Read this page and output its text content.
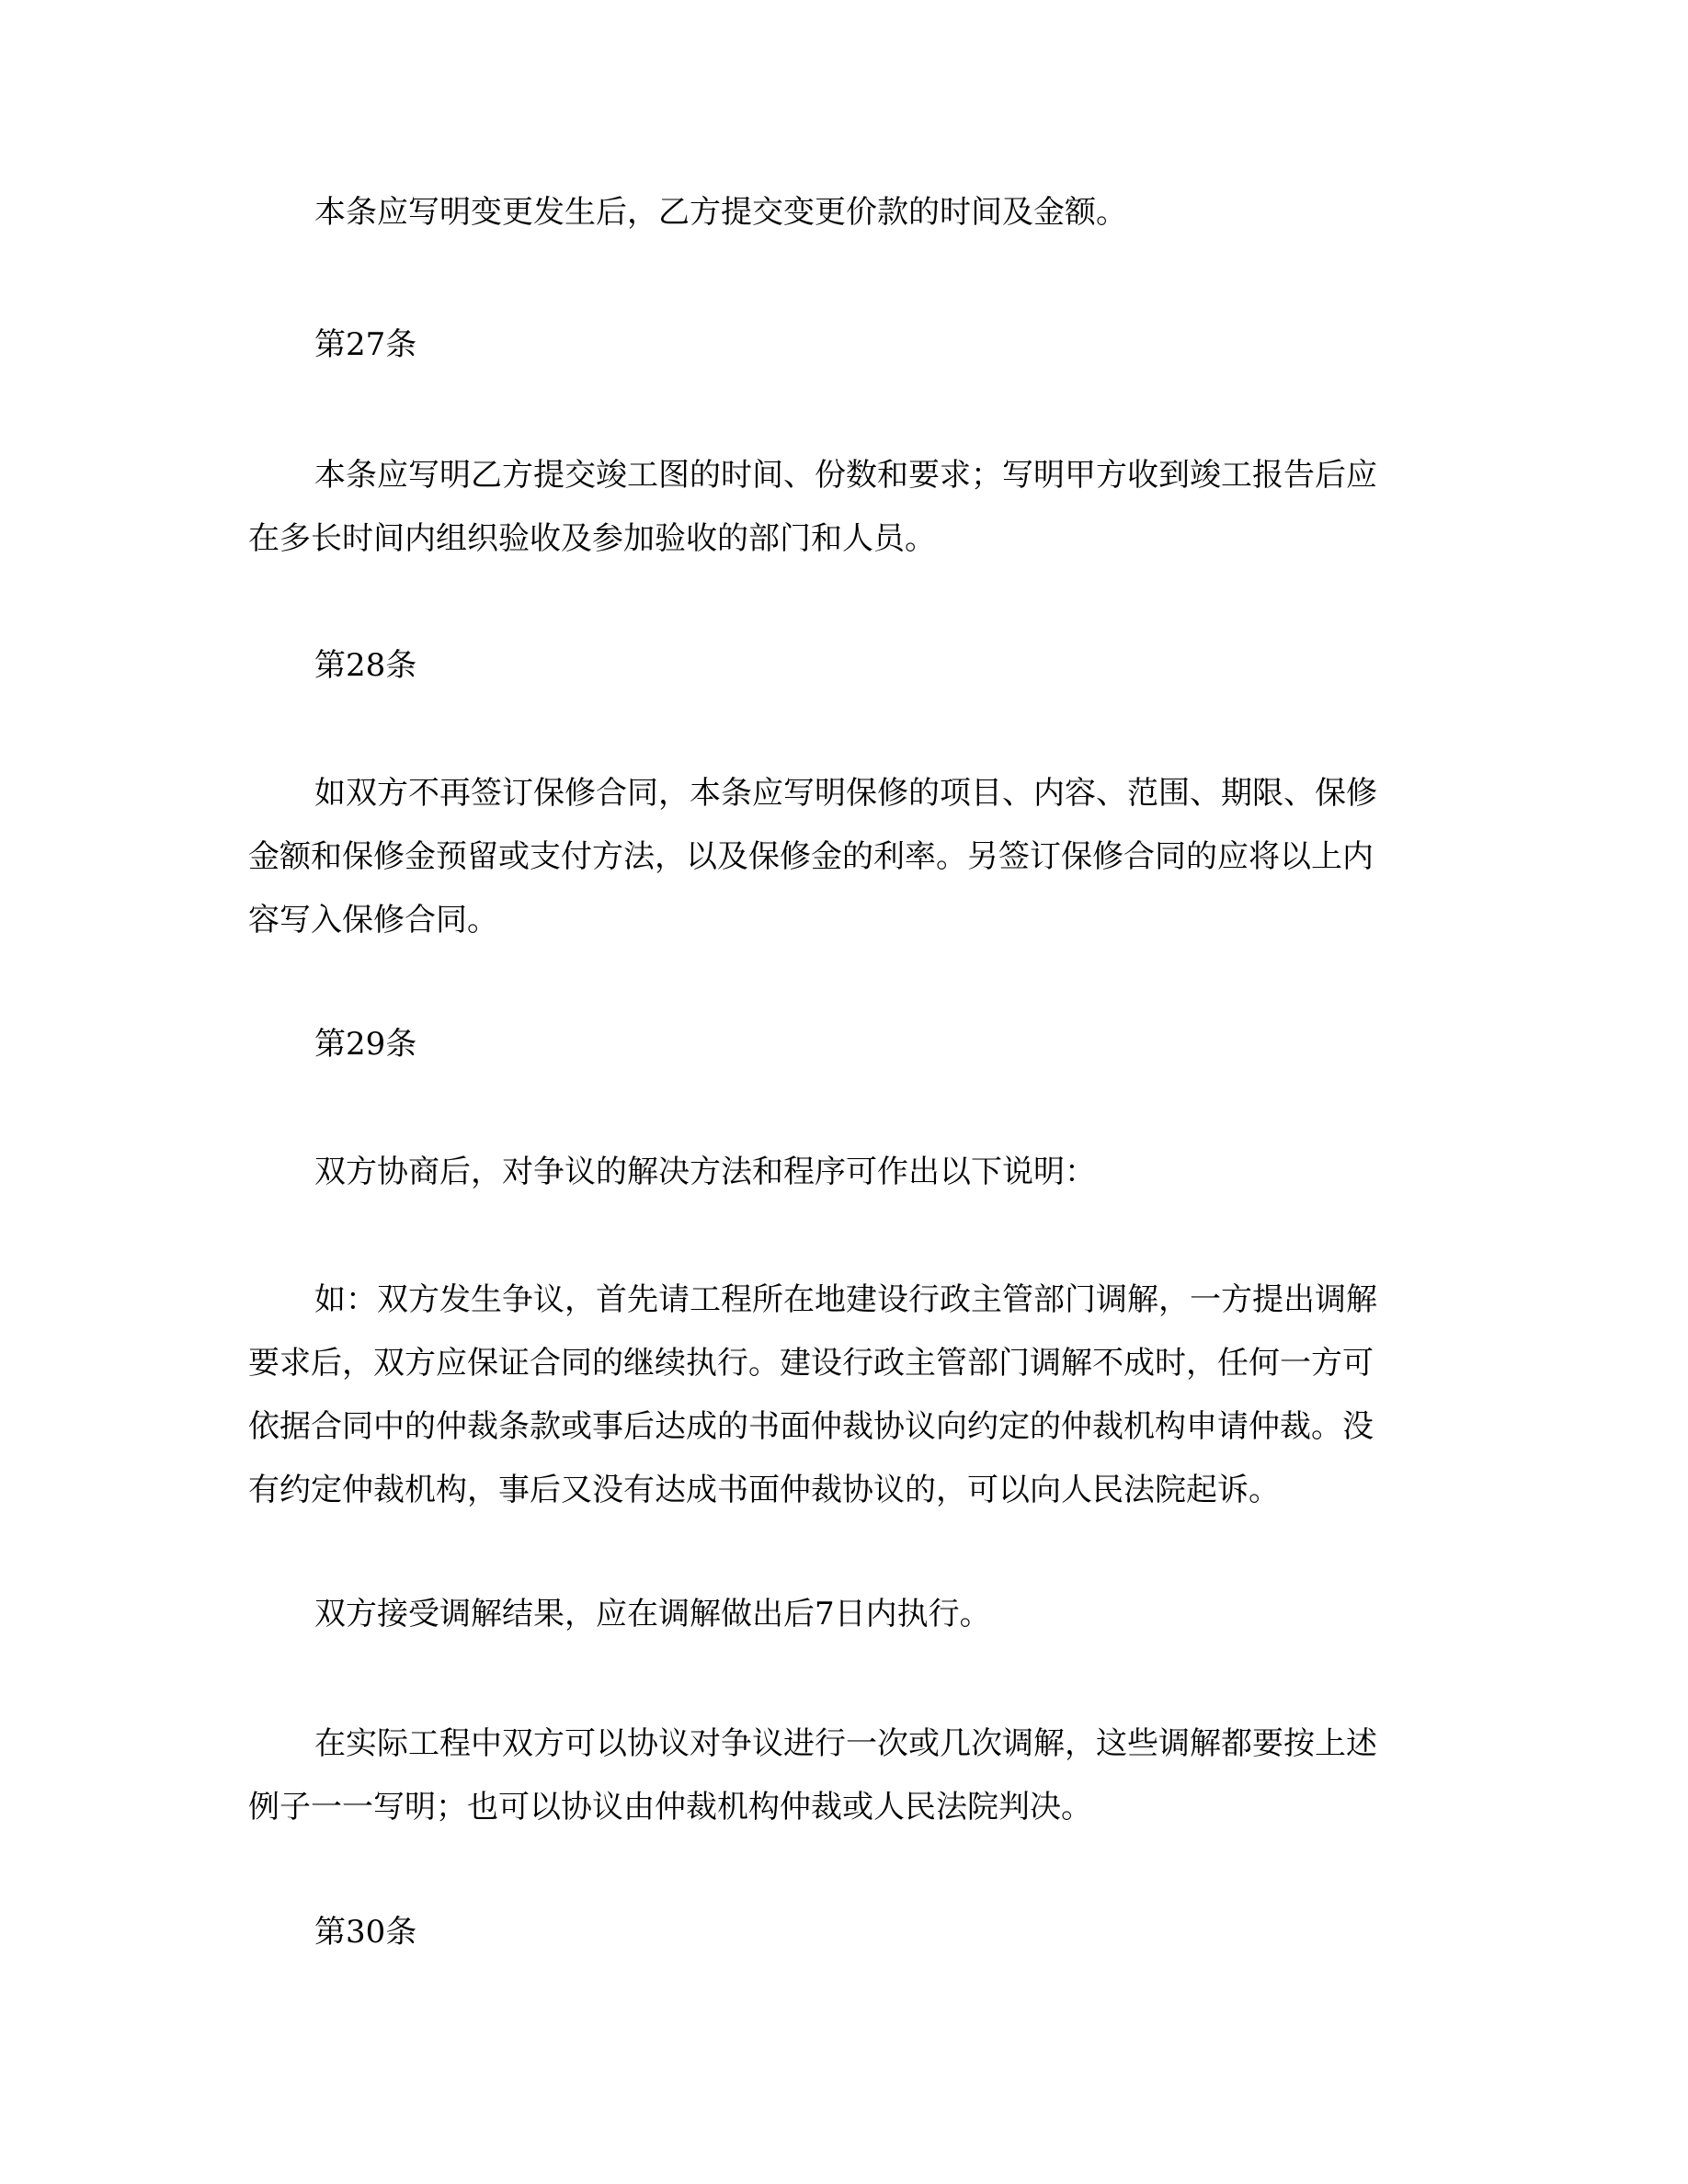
本条应写明变更发生后，乙方提交变更价款的时间及金额。

第27条

本条应写明乙方提交竣工图的时间、份数和要求；写明甲方收到竣工报告后应
在多长时间内组织验收及参加验收的部门和人员。

第28条

如双方不再签订保修合同，本条应写明保修的项目、内容、范围、期限、保修
金额和保修金预留或支付方法，以及保修金的利率。另签订保修合同的应将以上内
容写入保修合同。

第29条

双方协商后，对争议的解决方法和程序可作出以下说明：

如：双方发生争议，首先请工程所在地建设行政主管部门调解，一方提出调解
要求后，双方应保证合同的继续执行。建设行政主管部门调解不成时，任何一方可
依据合同中的仲裁条款或事后达成的书面仲裁协议向约定的仲裁机构申请仲裁。没
有约定仲裁机构，事后又没有达成书面仲裁协议的，可以向人民法院起诉。

双方接受调解结果，应在调解做出后7日内执行。

在实际工程中双方可以协议对争议进行一次或几次调解，这些调解都要按上述
例子一一写明；也可以协议由仲裁机构仲裁或人民法院判决。

第30条
